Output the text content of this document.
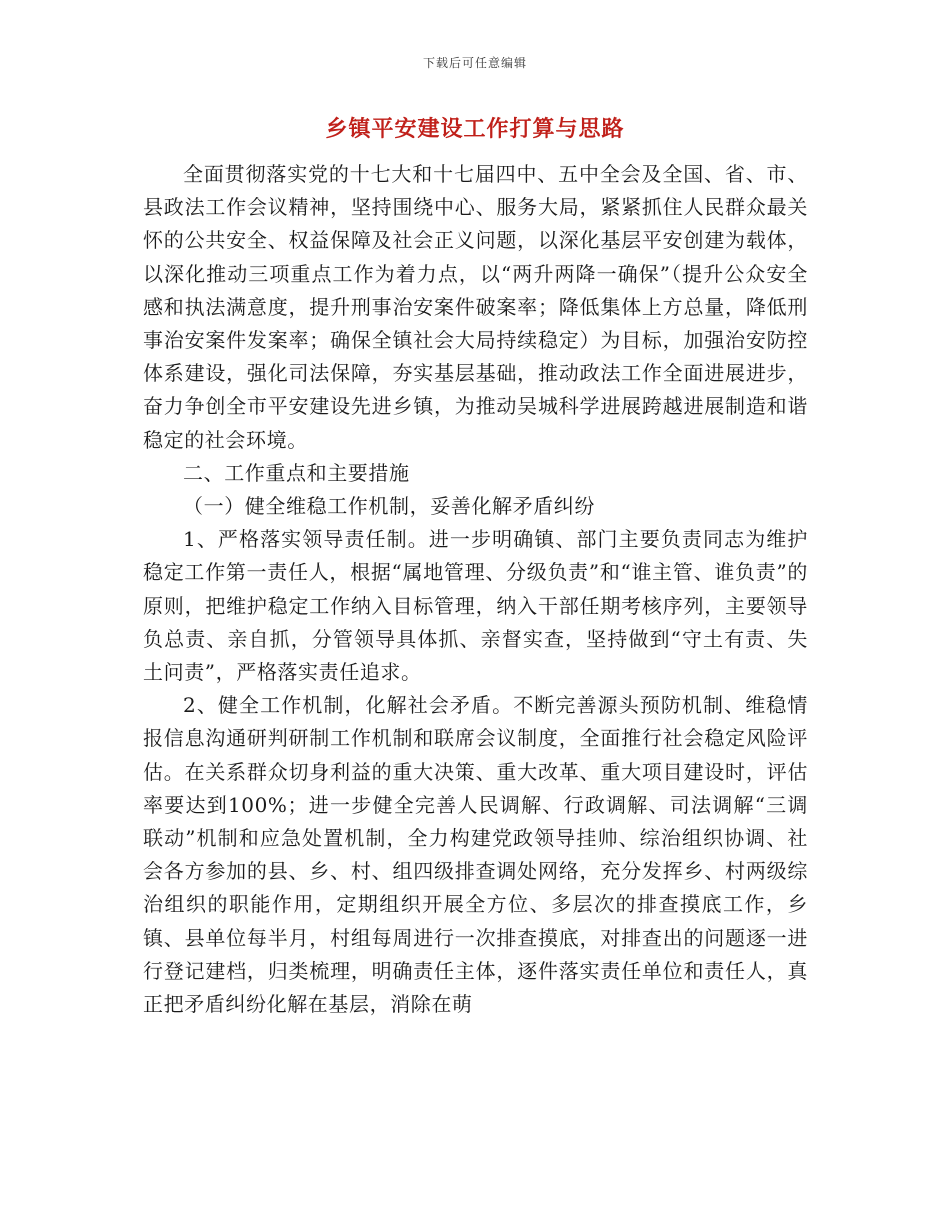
下载后可任意编辑
乡镇平安建设工作打算与思路

全面贯彻落实党的十七大和十七届四中、五中全会及全国、省、市、县政法工作会议精神，坚持围绕中心、服务大局，紧紧抓住人民群众最关怀的公共安全、权益保障及社会正义问题，以深化基层平安创建为载体，以深化推动三项重点工作为着力点，以“两升两降一确保”（提升公众安全感和执法满意度，提升刑事治安案件破案率；降低集体上方总量，降低刑事治安案件发案率；确保全镇社会大局持续稳定）为目标，加强治安防控体系建设，强化司法保障，夯实基层基础，推动政法工作全面进展进步，奋力争创全市平安建设先进乡镇，为推动吴城科学进展跨越进展制造和谐稳定的社会环境。

二、工作重点和主要措施

（一）健全维稳工作机制，妥善化解矛盾纠纷

1、严格落实领导责任制。进一步明确镇、部门主要负责同志为维护稳定工作第一责任人，根据“属地管理、分级负责”和“谁主管、谁负责”的原则，把维护稳定工作纳入目标管理，纳入干部任期考核序列，主要领导负总责、亲自抓，分管领导具体抓、亲督实查，坚持做到“守土有责、失土问责”，严格落实责任追求。

2、健全工作机制，化解社会矛盾。不断完善源头预防机制、维稳情报信息沟通研判研制工作机制和联席会议制度，全面推行社会稳定风险评估。在关系群众切身利益的重大决策、重大改革、重大项目建设时，评估率要达到100%；进一步健全完善人民调解、行政调解、司法调解“三调联动”机制和应急处置机制，全力构建党政领导挂帅、综治组织协调、社会各方参加的县、乡、村、组四级排查调处网络，充分发挥乡、村两级综治组织的职能作用，定期组织开展全方位、多层次的排查摸底工作，乡镇、县单位每半月，村组每周进行一次排查摸底，对排查出的问题逐一进行登记建档，归类梳理，明确责任主体，逐件落实责任单位和责任人，真正把矛盾纠纷化解在基层，消除在萌
